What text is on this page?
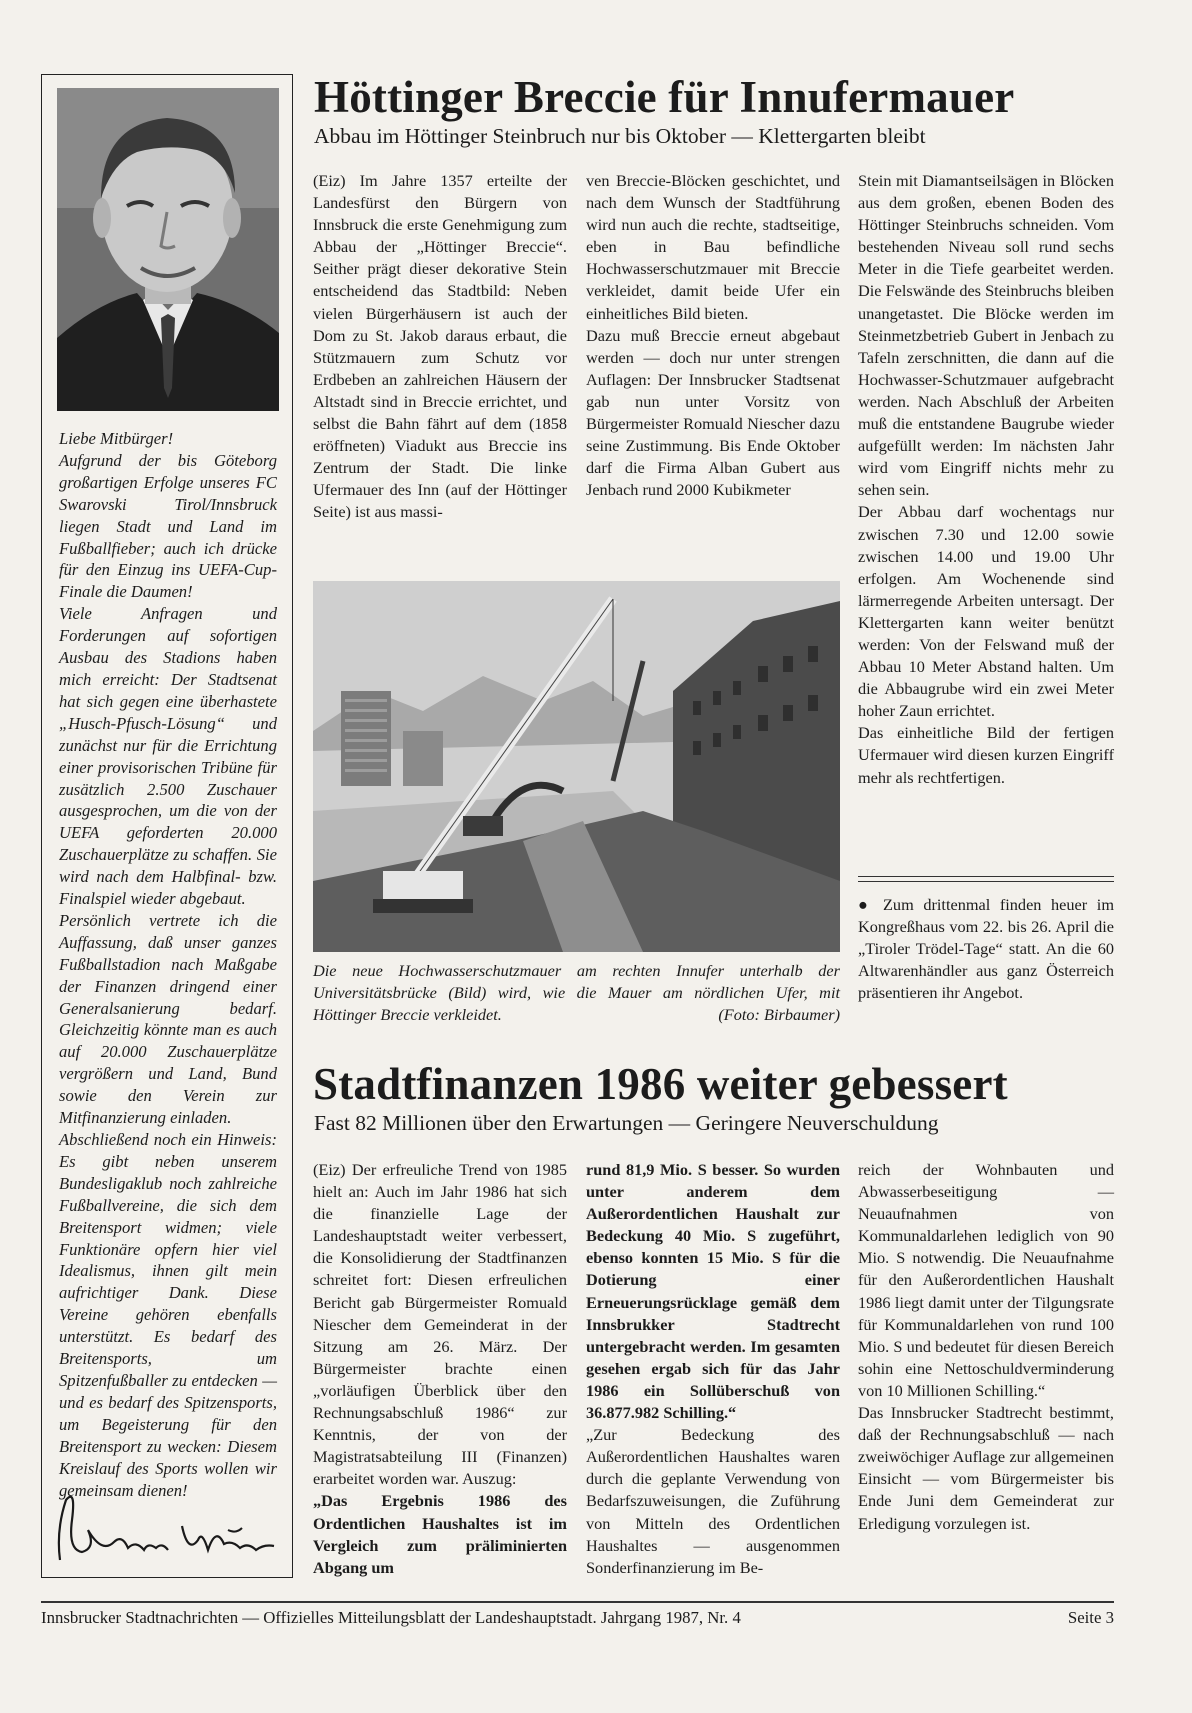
Liebe Mitbürger!

Aufgrund der bis Göteborg großartigen Erfolge unseres FC Swarovski Tirol/Innsbruck liegen Stadt und Land im Fußballfieber; auch ich drücke für den Einzug ins UEFA-Cup-Finale die Daumen!

Viele Anfragen und Forderungen auf sofortigen Ausbau des Stadions haben mich erreicht: Der Stadtsenat hat sich gegen eine überhastete „Husch-Pfusch-Lösung“ und zunächst nur für die Errichtung einer provisorischen Tribüne für zusätzlich 2.500 Zuschauer ausgesprochen, um die von der UEFA geforderten 20.000 Zuschauerplätze zu schaffen. Sie wird nach dem Halbfinal- bzw. Finalspiel wieder abgebaut.

Persönlich vertrete ich die Auffassung, daß unser ganzes Fußballstadion nach Maßgabe der Finanzen dringend einer Generalsanierung bedarf. Gleichzeitig könnte man es auch auf 20.000 Zuschauerplätze vergrößern und Land, Bund sowie den Verein zur Mitfinanzierung einladen.

Abschließend noch ein Hinweis: Es gibt neben unserem Bundesligaklub noch zahlreiche Fußballvereine, die sich dem Breitensport widmen; viele Funktionäre opfern hier viel Idealismus, ihnen gilt mein aufrichtiger Dank. Diese Vereine gehören ebenfalls unterstützt. Es bedarf des Breitensports, um Spitzenfußballer zu entdecken — und es bedarf des Spitzensports, um Begeisterung für den Breitensport zu wecken: Diesem Kreislauf des Sports wollen wir gemeinsam dienen!

Höttinger Breccie für Innufermauer
Abbau im Höttinger Steinbruch nur bis Oktober — Klettergarten bleibt

(Eiz) Im Jahre 1357 erteilte der Landesfürst den Bürgern von Innsbruck die erste Genehmigung zum Abbau der „Höttinger Breccie“. Seither prägt dieser dekorative Stein entscheidend das Stadtbild: Neben vielen Bürgerhäusern ist auch der Dom zu St. Jakob daraus erbaut, die Stützmauern zum Schutz vor Erdbeben an zahlreichen Häusern der Altstadt sind in Breccie errichtet, und selbst die Bahn fährt auf dem (1858 eröffneten) Viadukt aus Breccie ins Zentrum der Stadt. Die linke Ufermauer des Inn (auf der Höttinger Seite) ist aus massi-

ven Breccie-Blöcken geschichtet, und nach dem Wunsch der Stadtführung wird nun auch die rechte, stadtseitige, eben in Bau befindliche Hochwasserschutzmauer mit Breccie verkleidet, damit beide Ufer ein einheitliches Bild bieten.

Dazu muß Breccie erneut abgebaut werden — doch nur unter strengen Auflagen: Der Innsbrucker Stadtsenat gab nun unter Vorsitz von Bürgermeister Romuald Niescher dazu seine Zustimmung. Bis Ende Oktober darf die Firma Alban Gubert aus Jenbach rund 2000 Kubikmeter

Stein mit Diamantseilsägen in Blöcken aus dem großen, ebenen Boden des Höttinger Steinbruchs schneiden. Vom bestehenden Niveau soll rund sechs Meter in die Tiefe gearbeitet werden. Die Felswände des Steinbruchs bleiben unangetastet. Die Blöcke werden im Steinmetzbetrieb Gubert in Jenbach zu Tafeln zerschnitten, die dann auf die Hochwasser-Schutzmauer aufgebracht werden. Nach Abschluß der Arbeiten muß die entstandene Baugrube wieder aufgefüllt werden: Im nächsten Jahr wird vom Eingriff nichts mehr zu sehen sein.

Der Abbau darf wochentags nur zwischen 7.30 und 12.00 sowie zwischen 14.00 und 19.00 Uhr erfolgen. Am Wochenende sind lärmerregende Arbeiten untersagt. Der Klettergarten kann weiter benützt werden: Von der Felswand muß der Abbau 10 Meter Abstand halten. Um die Abbaugrube wird ein zwei Meter hoher Zaun errichtet.

Das einheitliche Bild der fertigen Ufermauer wird diesen kurzen Eingriff mehr als rechtfertigen.

Die neue Hochwasserschutzmauer am rechten Innufer unterhalb der Universitätsbrücke (Bild) wird, wie die Mauer am nördlichen Ufer, mit Höttinger Breccie verkleidet.	(Foto: Birbaumer)
● Zum drittenmal finden heuer im Kongreßhaus vom 22. bis 26. April die „Tiroler Trödel-Tage“ statt. An die 60 Altwarenhändler aus ganz Österreich präsentieren ihr Angebot.
Stadtfinanzen 1986 weiter gebessert
Fast 82 Millionen über den Erwartungen — Geringere Neuverschuldung

(Eiz) Der erfreuliche Trend von 1985 hielt an: Auch im Jahr 1986 hat sich die finanzielle Lage der Landeshauptstadt weiter verbessert, die Konsolidierung der Stadtfinanzen schreitet fort: Diesen erfreulichen Bericht gab Bürgermeister Romuald Niescher dem Gemeinderat in der Sitzung am 26. März. Der Bürgermeister brachte einen „vorläufigen Überblick über den Rechnungsabschluß 1986“ zur Kenntnis, der von der Magistratsabteilung III (Finanzen) erarbeitet worden war. Auszug:

„Das Ergebnis 1986 des Ordentlichen Haushaltes ist im Vergleich zum präliminierten Abgang um

rund 81,9 Mio. S besser. So wurden unter anderem dem Außerordentlichen Haushalt zur Bedeckung 40 Mio. S zugeführt, ebenso konnten 15 Mio. S für die Dotierung einer Erneuerungsrücklage gemäß dem Innsbrukker Stadtrecht untergebracht werden. Im gesamten gesehen ergab sich für das Jahr 1986 ein Sollüberschuß von 36.877.982 Schilling.“

„Zur Bedeckung des Außerordentlichen Haushaltes waren durch die geplante Verwendung von Bedarfszuweisungen, die Zuführung von Mitteln des Ordentlichen Haushaltes — ausgenommen Sonderfinanzierung im Be-

reich der Wohnbauten und Abwasserbeseitigung — Neuaufnahmen von Kommunaldarlehen lediglich von 90 Mio. S notwendig. Die Neuaufnahme für den Außerordentlichen Haushalt 1986 liegt damit unter der Tilgungsrate für Kommunaldarlehen von rund 100 Mio. S und bedeutet für diesen Bereich sohin eine Nettoschuldverminderung von 10 Millionen Schilling.“

Das Innsbrucker Stadtrecht bestimmt, daß der Rechnungsabschluß — nach zweiwöchiger Auflage zur allgemeinen Einsicht — vom Bürgermeister bis Ende Juni dem Gemeinderat zur Erledigung vorzulegen ist.

Innsbrucker Stadtnachrichten — Offizielles Mitteilungsblatt der Landeshauptstadt. Jahrgang 1987, Nr. 4	Seite 3
